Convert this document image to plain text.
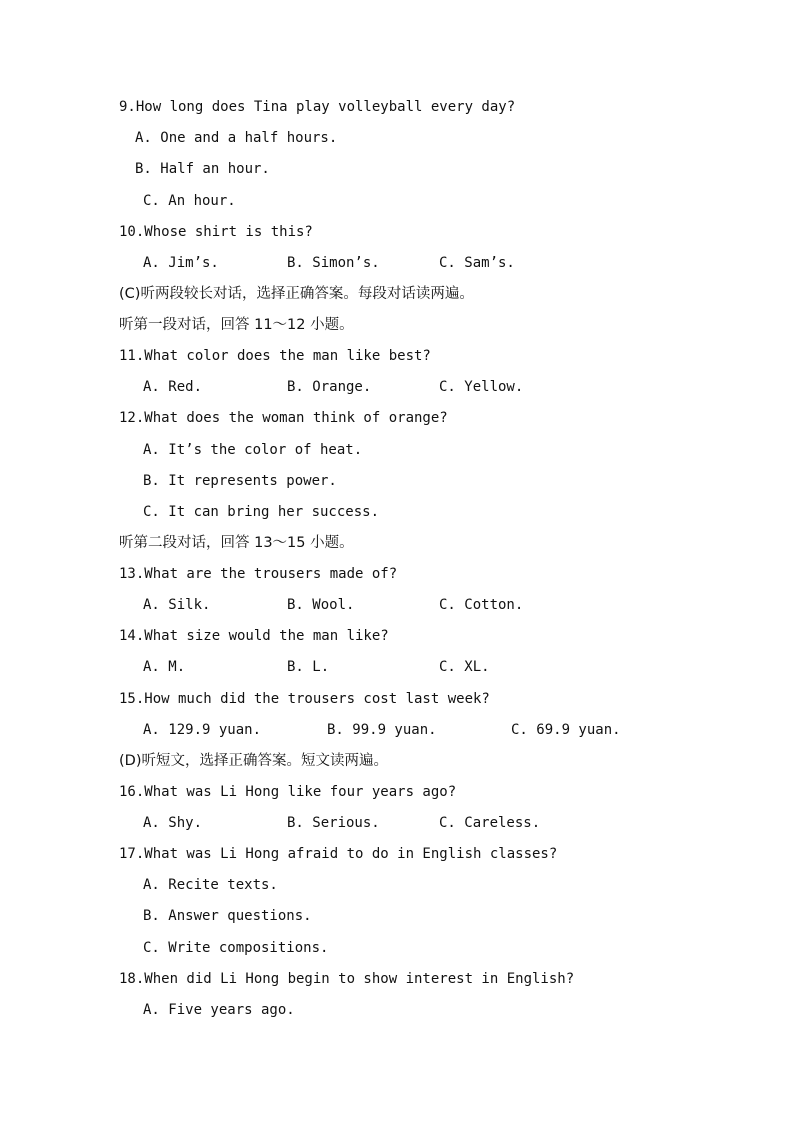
9.How long does Tina play volleyball every day?
A. One and a half hours.
B. Half an hour.
C. An hour.
10.Whose shirt is this?
A. Jim’s.	B. Simon’s.	C. Sam’s.
(C)听两段较长对话，选择正确答案。每段对话读两遍。
听第一段对话，回答 11～12 小题。
11.What color does the man like best?
A. Red.	B. Orange.	C. Yellow.
12.What does the woman think of orange?
A. It’s the color of heat.
B. It represents power.
C. It can bring her success.
听第二段对话，回答 13～15 小题。
13.What are the trousers made of?
A. Silk.	B. Wool.	C. Cotton.
14.What size would the man like?
A. M.	B. L.	C. XL.
15.How much did the trousers cost last week?
A. 129.9 yuan.	B. 99.9 yuan.	C. 69.9 yuan.
(D)听短文，选择正确答案。短文读两遍。
16.What was Li Hong like four years ago?
A. Shy.	B. Serious.	C. Careless.
17.What was Li Hong afraid to do in English classes?
A. Recite texts.
B. Answer questions.
C. Write compositions.
18.When did Li Hong begin to show interest in English?
A. Five years ago.
